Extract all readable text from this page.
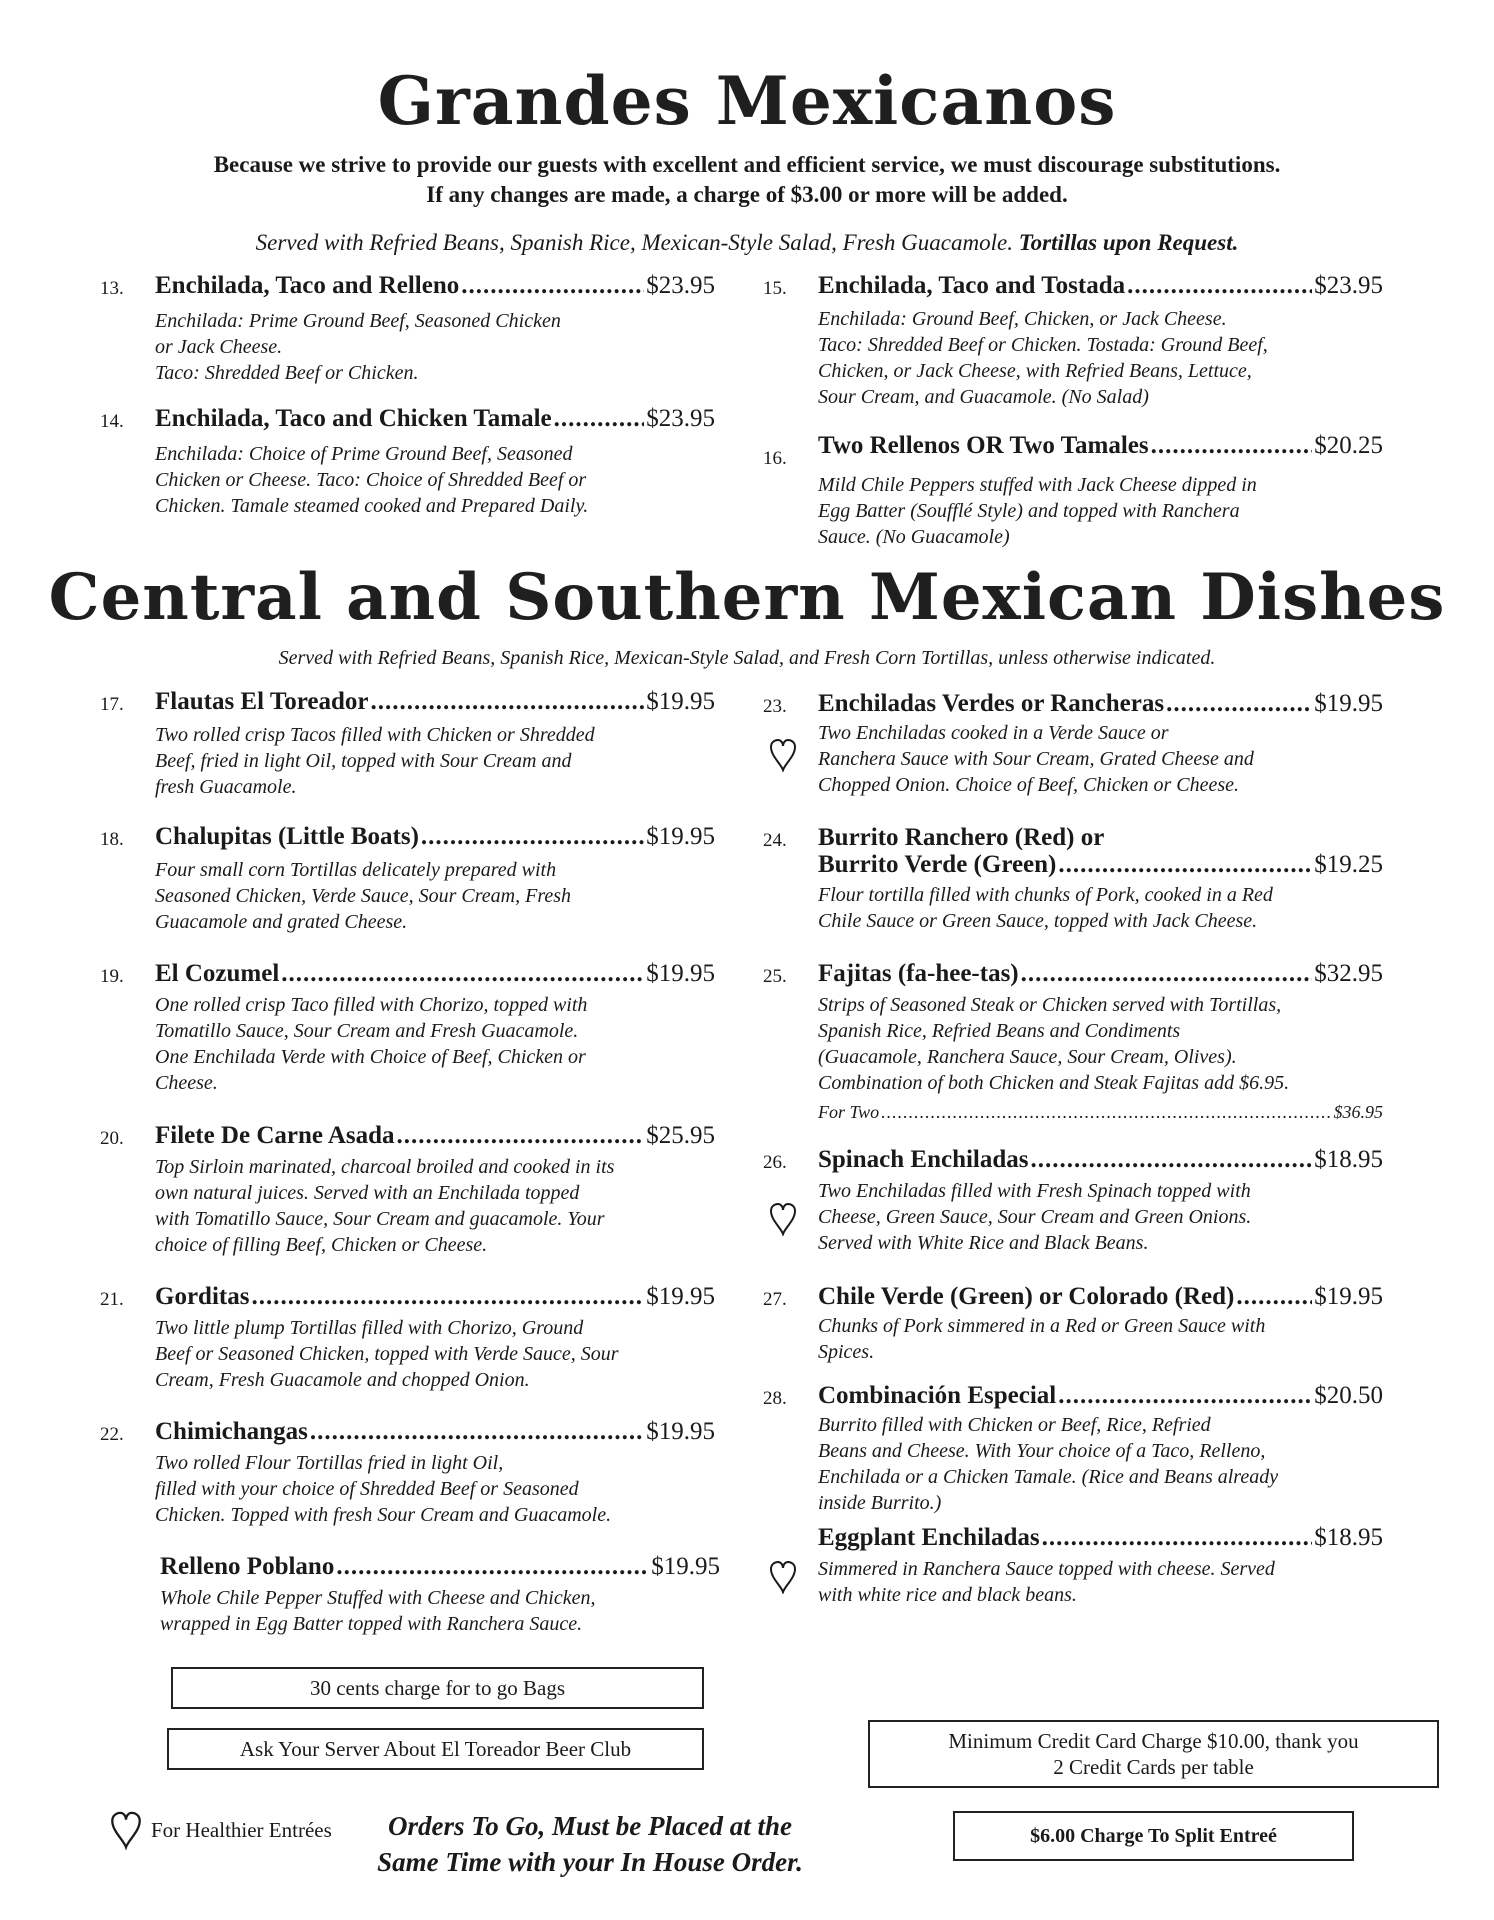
Grandes Mexicanos
Because we strive to provide our guests with excellent and efficient service, we must discourage substitutions.
If any changes are made, a charge of $3.00 or more will be added.
Served with Refried Beans, Spanish Rice, Mexican-Style Salad, Fresh Guacamole. Tortillas upon Request.
13. Enchilada, Taco and Relleno .....	$23.95
Enchilada: Prime Ground Beef, Seasoned Chicken
or Jack Cheese.
Taco: Shredded Beef or Chicken.
14. Enchilada, Taco and Chicken Tamale .....	$23.95
Enchilada: Choice of Prime Ground Beef, Seasoned
Chicken or Cheese. Taco: Choice of Shredded Beef or
Chicken. Tamale steamed cooked and Prepared Daily.
15. Enchilada, Taco and Tostada .....	$23.95
Enchilada: Ground Beef, Chicken, or Jack Cheese.
Taco: Shredded Beef or Chicken. Tostada: Ground Beef,
Chicken, or Jack Cheese, with Refried Beans, Lettuce,
Sour Cream, and Guacamole. (No Salad)
16. Two Rellenos OR Two Tamales .....	$20.25
Mild Chile Peppers stuffed with Jack Cheese dipped in
Egg Batter (Soufflé Style) and topped with Ranchera
Sauce. (No Guacamole)
Central and Southern Mexican Dishes
Served with Refried Beans, Spanish Rice, Mexican-Style Salad, and Fresh Corn Tortillas, unless otherwise indicated.
17. Flautas El Toreador .....	$19.95
Two rolled crisp Tacos filled with Chicken or Shredded
Beef, fried in light Oil, topped with Sour Cream and
fresh Guacamole.
18. Chalupitas (Little Boats) .....	$19.95
Four small corn Tortillas delicately prepared with
Seasoned Chicken, Verde Sauce, Sour Cream, Fresh
Guacamole and grated Cheese.
19. El Cozumel .....	$19.95
One rolled crisp Taco filled with Chorizo, topped with
Tomatillo Sauce, Sour Cream and Fresh Guacamole.
One Enchilada Verde with Choice of Beef, Chicken or
Cheese.
20. Filete De Carne Asada .....	$25.95
Top Sirloin marinated, charcoal broiled and cooked in its
own natural juices. Served with an Enchilada topped
with Tomatillo Sauce, Sour Cream and guacamole. Your
choice of filling Beef, Chicken or Cheese.
21. Gorditas .....	$19.95
Two little plump Tortillas filled with Chorizo, Ground
Beef or Seasoned Chicken, topped with Verde Sauce, Sour
Cream, Fresh Guacamole and chopped Onion.
22. Chimichangas .....	$19.95
Two rolled Flour Tortillas fried in light Oil,
filled with your choice of Shredded Beef or Seasoned
Chicken. Topped with fresh Sour Cream and Guacamole.
Relleno Poblano .....	$19.95
Whole Chile Pepper Stuffed with Cheese and Chicken,
wrapped in Egg Batter topped with Ranchera Sauce.
23. Enchiladas Verdes or Rancheras .....	$19.95
Two Enchiladas cooked in a Verde Sauce or
Ranchera Sauce with Sour Cream, Grated Cheese and
Chopped Onion. Choice of Beef, Chicken or Cheese.
24. Burrito Ranchero (Red) or
Burrito Verde (Green) .....	$19.25
Flour tortilla filled with chunks of Pork, cooked in a Red
Chile Sauce or Green Sauce, topped with Jack Cheese.
25. Fajitas (fa-hee-tas) .....	$32.95
Strips of Seasoned Steak or Chicken served with Tortillas,
Spanish Rice, Refried Beans and Condiments
(Guacamole, Ranchera Sauce, Sour Cream, Olives).
Combination of both Chicken and Steak Fajitas add $6.95.
For Two .....	$36.95
26. Spinach Enchiladas .....	$18.95
Two Enchiladas filled with Fresh Spinach topped with
Cheese, Green Sauce, Sour Cream and Green Onions.
Served with White Rice and Black Beans.
27. Chile Verde (Green) or Colorado (Red) .....	$19.95
Chunks of Pork simmered in a Red or Green Sauce with
Spices.
28. Combinación Especial .....	$20.50
Burrito filled with Chicken or Beef, Rice, Refried
Beans and Cheese. With Your choice of a Taco, Relleno,
Enchilada or a Chicken Tamale. (Rice and Beans already
inside Burrito.)
Eggplant Enchiladas .....	$18.95
Simmered in Ranchera Sauce topped with cheese. Served
with white rice and black beans.
30 cents charge for to go Bags
Ask Your Server About El Toreador Beer Club	Minimum Credit Card Charge $10.00, thank you
2 Credit Cards per table
$6.00 Charge To Split Entreé
For Healthier Entrées	Orders To Go, Must be Placed at the
Same Time with your In House Order.
